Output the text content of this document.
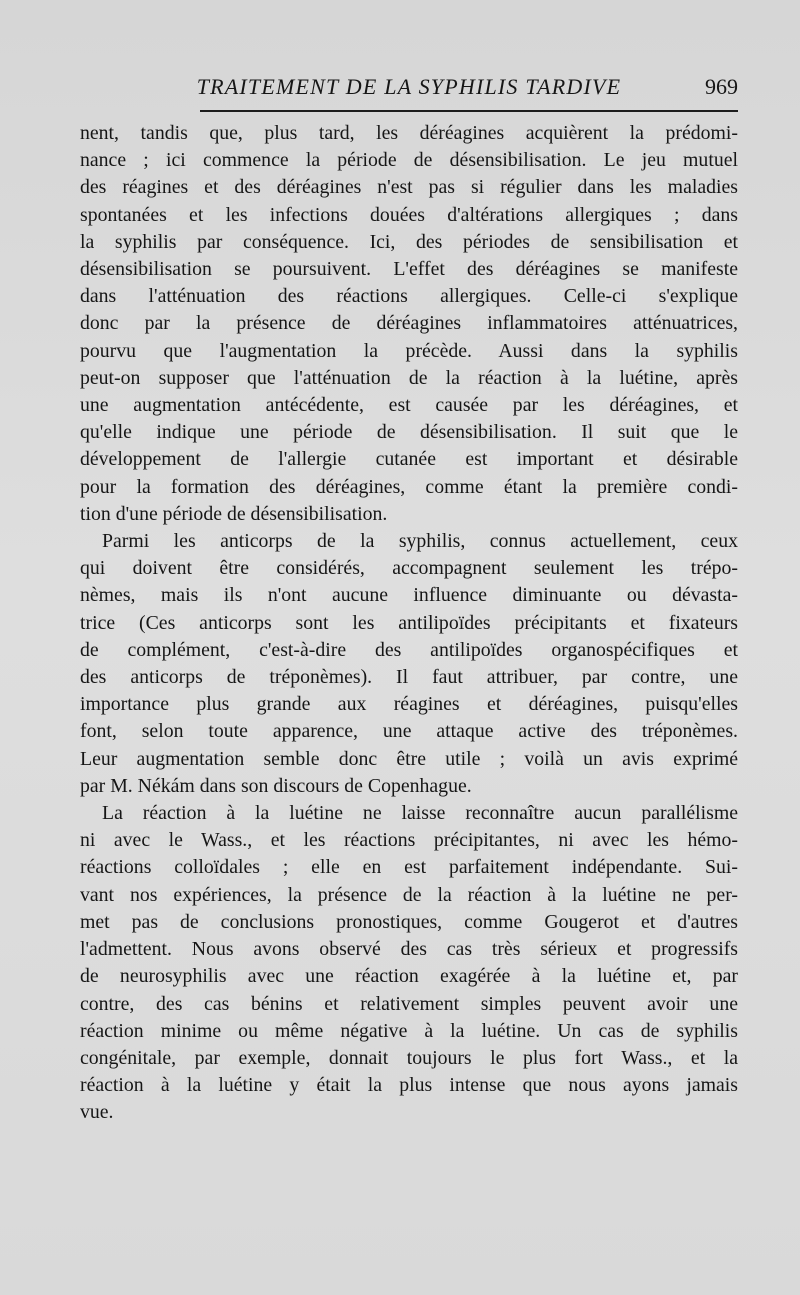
TRAITEMENT DE LA SYPHILIS TARDIVE	969
nent, tandis que, plus tard, les déréagines acquièrent la prédomi-
nance ; ici commence la période de désensibilisation. Le jeu mutuel
des réagines et des déréagines n'est pas si régulier dans les maladies
spontanées et les infections douées d'altérations allergiques ; dans
la syphilis par conséquence. Ici, des périodes de sensibilisation et
désensibilisation se poursuivent. L'effet des déréagines se manifeste
dans l'atténuation des réactions allergiques. Celle-ci s'explique
donc par la présence de déréagines inflammatoires atténuatrices,
pourvu que l'augmentation la précède. Aussi dans la syphilis
peut-on supposer que l'atténuation de la réaction à la luétine, après
une augmentation antécédente, est causée par les déréagines, et
qu'elle indique une période de désensibilisation. Il suit que le
développement de l'allergie cutanée est important et désirable
pour la formation des déréagines, comme étant la première condi-
tion d'une période de désensibilisation.
Parmi les anticorps de la syphilis, connus actuellement, ceux
qui doivent être considérés, accompagnent seulement les trépo-
nèmes, mais ils n'ont aucune influence diminuante ou dévasta-
trice (Ces anticorps sont les antilipoïdes précipitants et fixateurs
de complément, c'est-à-dire des antilipoïdes organospécifiques et
des anticorps de tréponèmes). Il faut attribuer, par contre, une
importance plus grande aux réagines et déréagines, puisqu'elles
font, selon toute apparence, une attaque active des tréponèmes.
Leur augmentation semble donc être utile ; voilà un avis exprimé
par M. Nékám dans son discours de Copenhague.
La réaction à la luétine ne laisse reconnaître aucun parallélisme
ni avec le Wass., et les réactions précipitantes, ni avec les hémo-
réactions colloïdales ; elle en est parfaitement indépendante. Sui-
vant nos expériences, la présence de la réaction à la luétine ne per-
met pas de conclusions pronostiques, comme Gougerot et d'autres
l'admettent. Nous avons observé des cas très sérieux et progressifs
de neurosyphilis avec une réaction exagérée à la luétine et, par
contre, des cas bénins et relativement simples peuvent avoir une
réaction minime ou même négative à la luétine. Un cas de syphilis
congénitale, par exemple, donnait toujours le plus fort Wass., et la
réaction à la luétine y était la plus intense que nous ayons jamais
vue.
